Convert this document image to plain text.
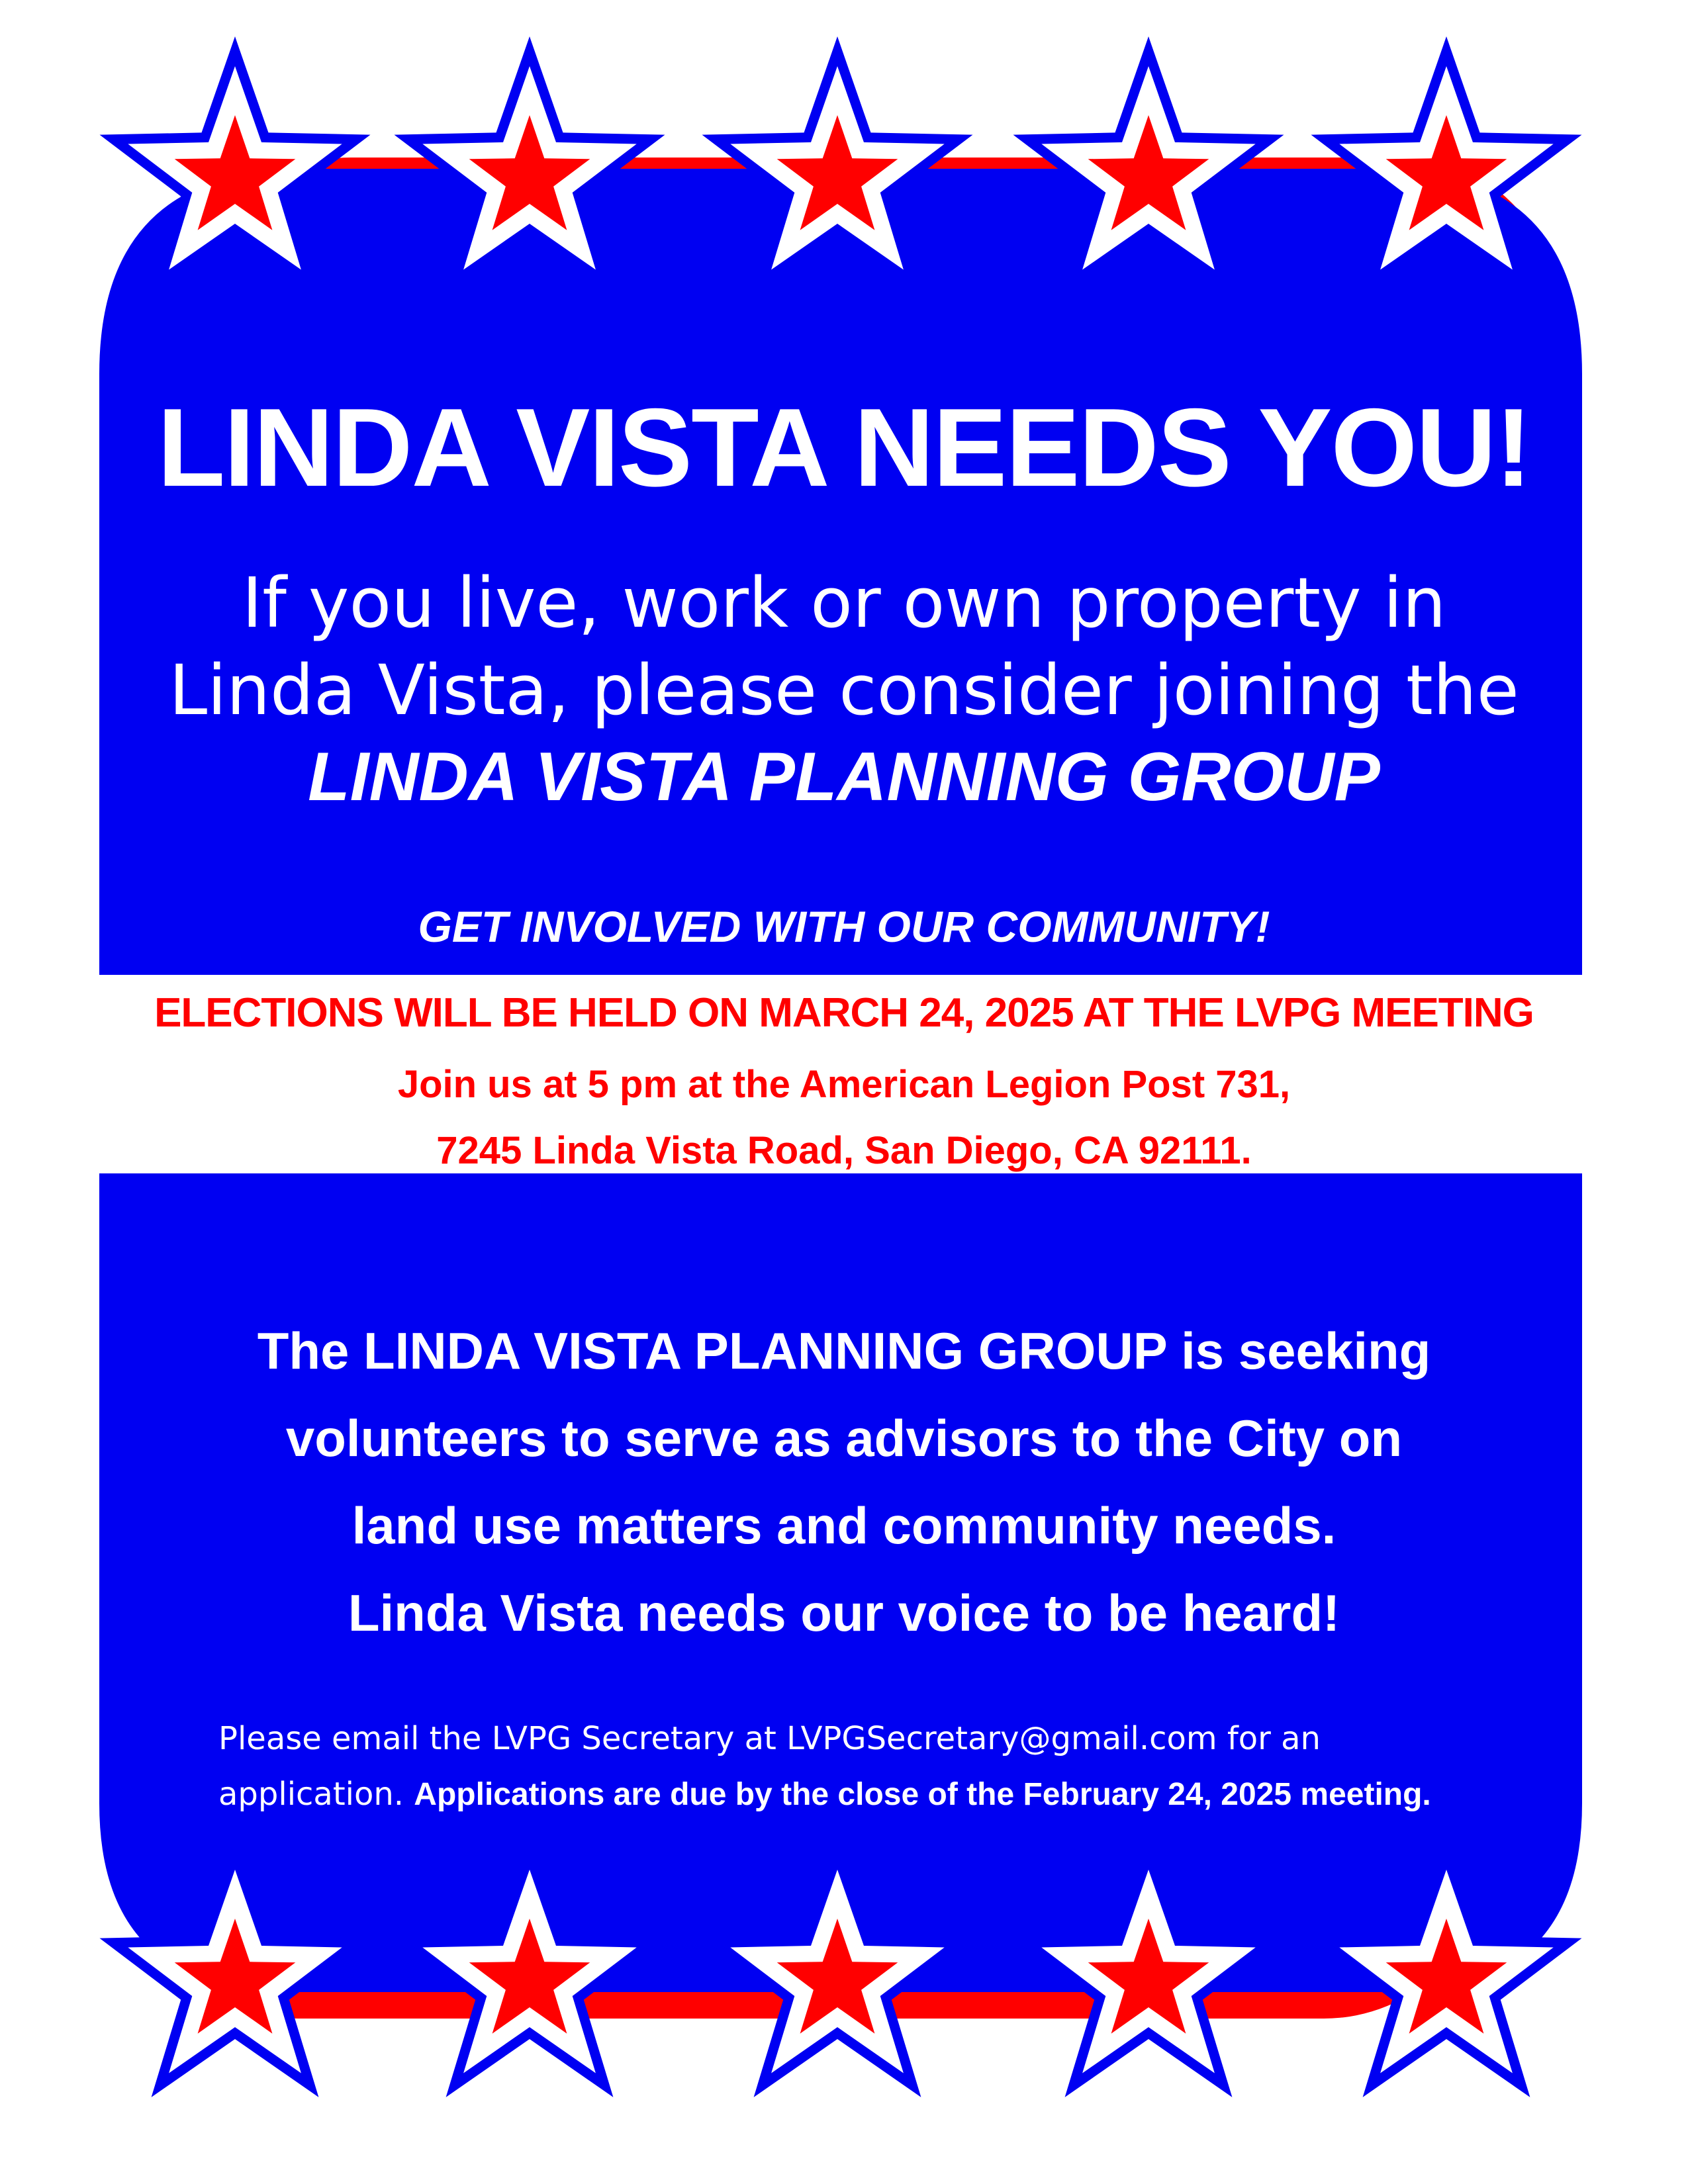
LINDA VISTA NEEDS YOU!
If you live, work or own property in
Linda Vista, please consider joining the
LINDA VISTA PLANNING GROUP
GET INVOLVED WITH OUR COMMUNITY!
ELECTIONS WILL BE HELD ON MARCH 24, 2025 AT THE LVPG MEETING
Join us at 5 pm at the American Legion Post 731,
7245 Linda Vista Road, San Diego, CA 92111.
The LINDA VISTA PLANNING GROUP is seeking
volunteers to serve as advisors to the City on
land use matters and community needs.
Linda Vista needs our voice to be heard!
Please email the LVPG Secretary at LVPGSecretary@gmail.com for an application. Applications are due by the close of the February 24, 2025 meeting.
